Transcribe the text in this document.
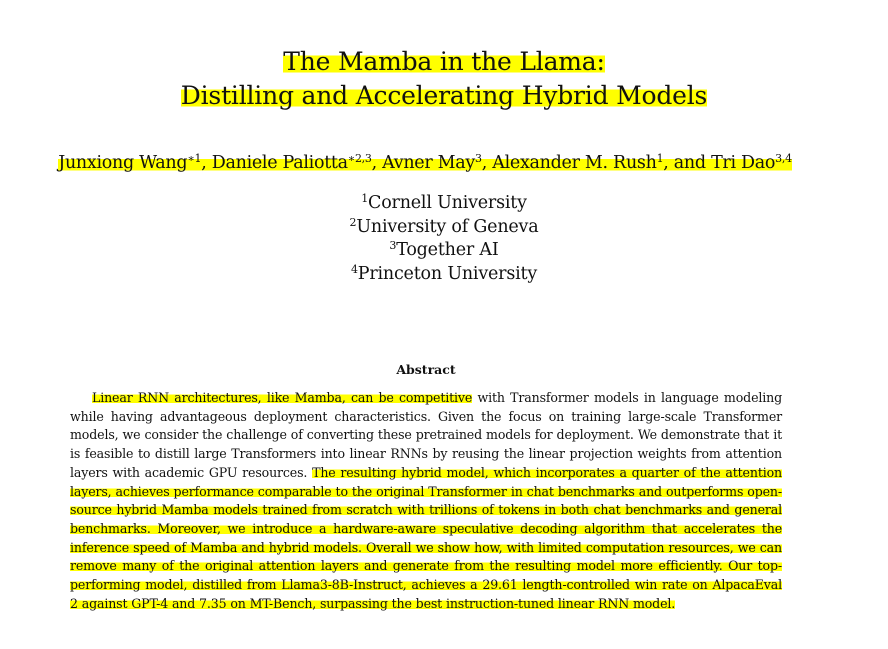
The Mamba in the Llama:
Distilling and Accelerating Hybrid Models
Junxiong Wang$^{∗1}$, Daniele Paliotta$^{∗2,3}$, Avner May$^3$, Alexander M. Rush$^1$, and Tri Dao$^{3,4}$
$^1$Cornell University
$^2$University of Geneva
$^3$Together AI
$^4$Princeton University
Abstract
Linear RNN architectures, like Mamba, can be competitive with Transformer models in language modeling while having advantageous deployment characteristics. Given the focus on training large-scale Transformer models, we consider the challenge of converting these pretrained models for deployment. We demonstrate that it is feasible to distill large Transformers into linear RNNs by reusing the linear projection weights from attention layers with academic GPU resources. The resulting hybrid model, which incorporates a quarter of the attention layers, achieves performance comparable to the original Transformer in chat benchmarks and outperforms open-source hybrid Mamba models trained from scratch with trillions of tokens in both chat benchmarks and general benchmarks. Moreover, we introduce a hardware-aware speculative decoding algorithm that accelerates the inference speed of Mamba and hybrid models. Overall we show how, with limited computation resources, we can remove many of the original attention layers and generate from the resulting model more efficiently. Our top-performing model, distilled from Llama3-8B-Instruct, achieves a 29.61 length-controlled win rate on AlpacaEval 2 against GPT-4 and 7.35 on MT-Bench, surpassing the best instruction-tuned linear RNN model.
